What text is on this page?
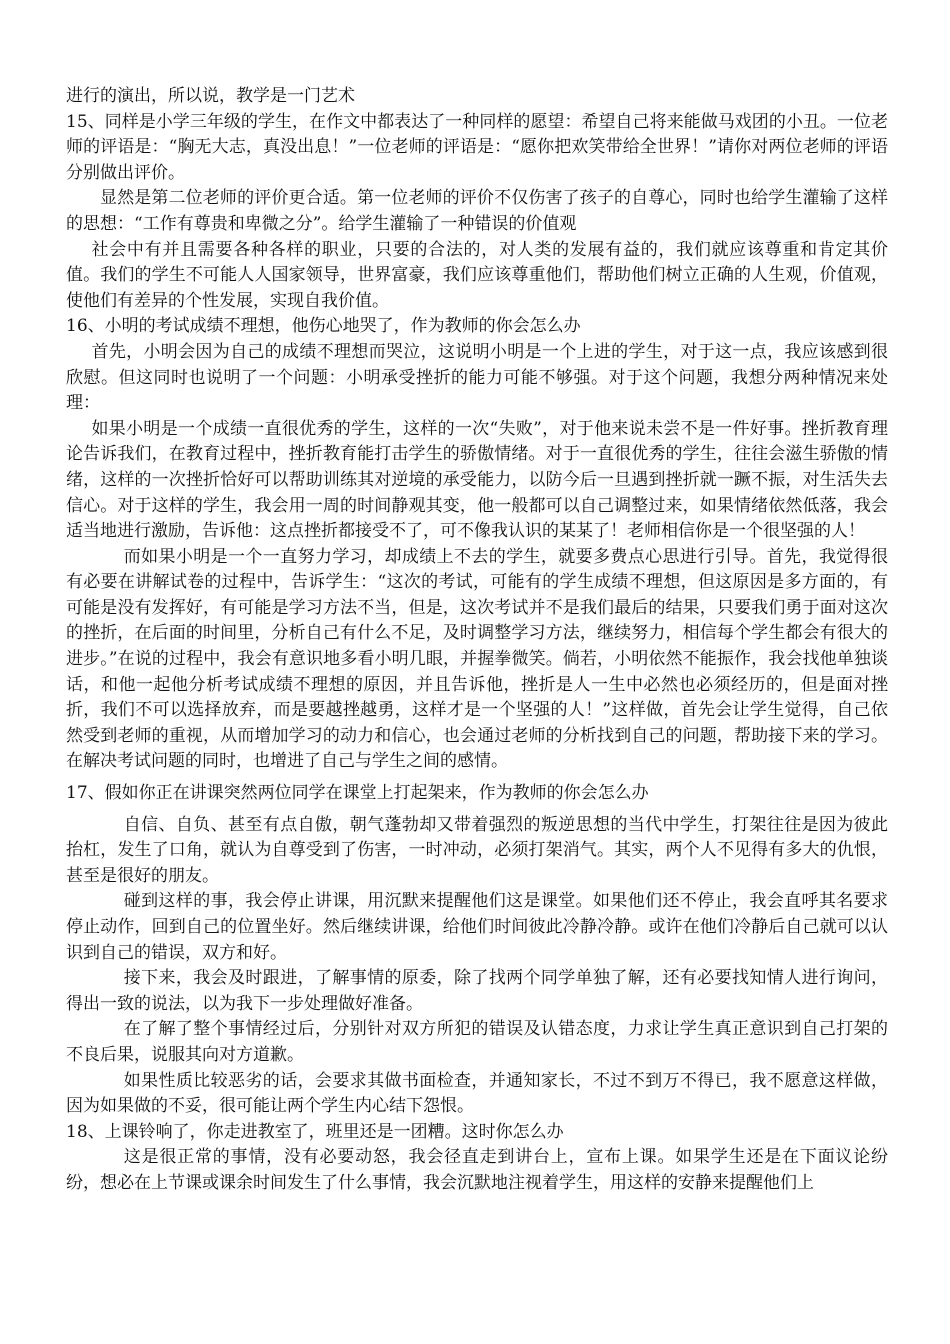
进行的演出，所以说，教学是一门艺术

15、同样是小学三年级的学生，在作文中都表达了一种同样的愿望：希望自己将来能做马戏团的小丑。一位老师的评语是：“胸无大志，真没出息！”一位老师的评语是：“愿你把欢笑带给全世界！”请你对两位老师的评语分别做出评价。

显然是第二位老师的评价更合适。第一位老师的评价不仅伤害了孩子的自尊心，同时也给学生灌输了这样的思想：“工作有尊贵和卑微之分”。给学生灌输了一种错误的价值观

社会中有并且需要各种各样的职业，只要的合法的，对人类的发展有益的，我们就应该尊重和肯定其价值。我们的学生不可能人人国家领导，世界富豪，我们应该尊重他们，帮助他们树立正确的人生观，价值观，使他们有差异的个性发展，实现自我价值。

16、小明的考试成绩不理想，他伤心地哭了，作为教师的你会怎么办

首先，小明会因为自己的成绩不理想而哭泣，这说明小明是一个上进的学生，对于这一点，我应该感到很欣慰。但这同时也说明了一个问题：小明承受挫折的能力可能不够强。对于这个问题，我想分两种情况来处理：

如果小明是一个成绩一直很优秀的学生，这样的一次“失败”，对于他来说未尝不是一件好事。挫折教育理论告诉我们，在教育过程中，挫折教育能打击学生的骄傲情绪。对于一直很优秀的学生，往往会滋生骄傲的情绪，这样的一次挫折恰好可以帮助训练其对逆境的承受能力，以防今后一旦遇到挫折就一蹶不振，对生活失去信心。对于这样的学生，我会用一周的时间静观其变，他一般都可以自己调整过来，如果情绪依然低落，我会适当地进行激励，告诉他：这点挫折都接受不了，可不像我认识的某某了！老师相信你是一个很坚强的人！

而如果小明是一个一直努力学习，却成绩上不去的学生，就要多费点心思进行引导。首先，我觉得很有必要在讲解试卷的过程中，告诉学生：“这次的考试，可能有的学生成绩不理想，但这原因是多方面的，有可能是没有发挥好，有可能是学习方法不当，但是，这次考试并不是我们最后的结果，只要我们勇于面对这次的挫折，在后面的时间里，分析自己有什么不足，及时调整学习方法，继续努力，相信每个学生都会有很大的进步。”在说的过程中，我会有意识地多看小明几眼，并握拳微笑。倘若，小明依然不能振作，我会找他单独谈话，和他一起他分析考试成绩不理想的原因，并且告诉他，挫折是人一生中必然也必须经历的，但是面对挫折，我们不可以选择放弃，而是要越挫越勇，这样才是一个坚强的人！”这样做，首先会让学生觉得，自己依然受到老师的重视，从而增加学习的动力和信心，也会通过老师的分析找到自己的问题，帮助接下来的学习。在解决考试问题的同时，也增进了自己与学生之间的感情。

17、假如你正在讲课突然两位同学在课堂上打起架来，作为教师的你会怎么办

自信、自负、甚至有点自傲，朝气蓬勃却又带着强烈的叛逆思想的当代中学生，打架往往是因为彼此抬杠，发生了口角，就认为自尊受到了伤害，一时冲动，必须打架消气。其实，两个人不见得有多大的仇恨，甚至是很好的朋友。

碰到这样的事，我会停止讲课，用沉默来提醒他们这是课堂。如果他们还不停止，我会直呼其名要求停止动作，回到自己的位置坐好。然后继续讲课，给他们时间彼此冷静冷静。或许在他们冷静后自己就可以认识到自己的错误，双方和好。

接下来，我会及时跟进，了解事情的原委，除了找两个同学单独了解，还有必要找知情人进行询问，得出一致的说法，以为我下一步处理做好准备。

在了解了整个事情经过后，分别针对双方所犯的错误及认错态度，力求让学生真正意识到自己打架的不良后果，说服其向对方道歉。

如果性质比较恶劣的话，会要求其做书面检查，并通知家长，不过不到万不得已，我不愿意这样做，因为如果做的不妥，很可能让两个学生内心结下怨恨。

18、上课铃响了，你走进教室了，班里还是一团糟。这时你怎么办

这是很正常的事情，没有必要动怒，我会径直走到讲台上，宣布上课。如果学生还是在下面议论纷纷，想必在上节课或课余时间发生了什么事情，我会沉默地注视着学生，用这样的安静来提醒他们上
